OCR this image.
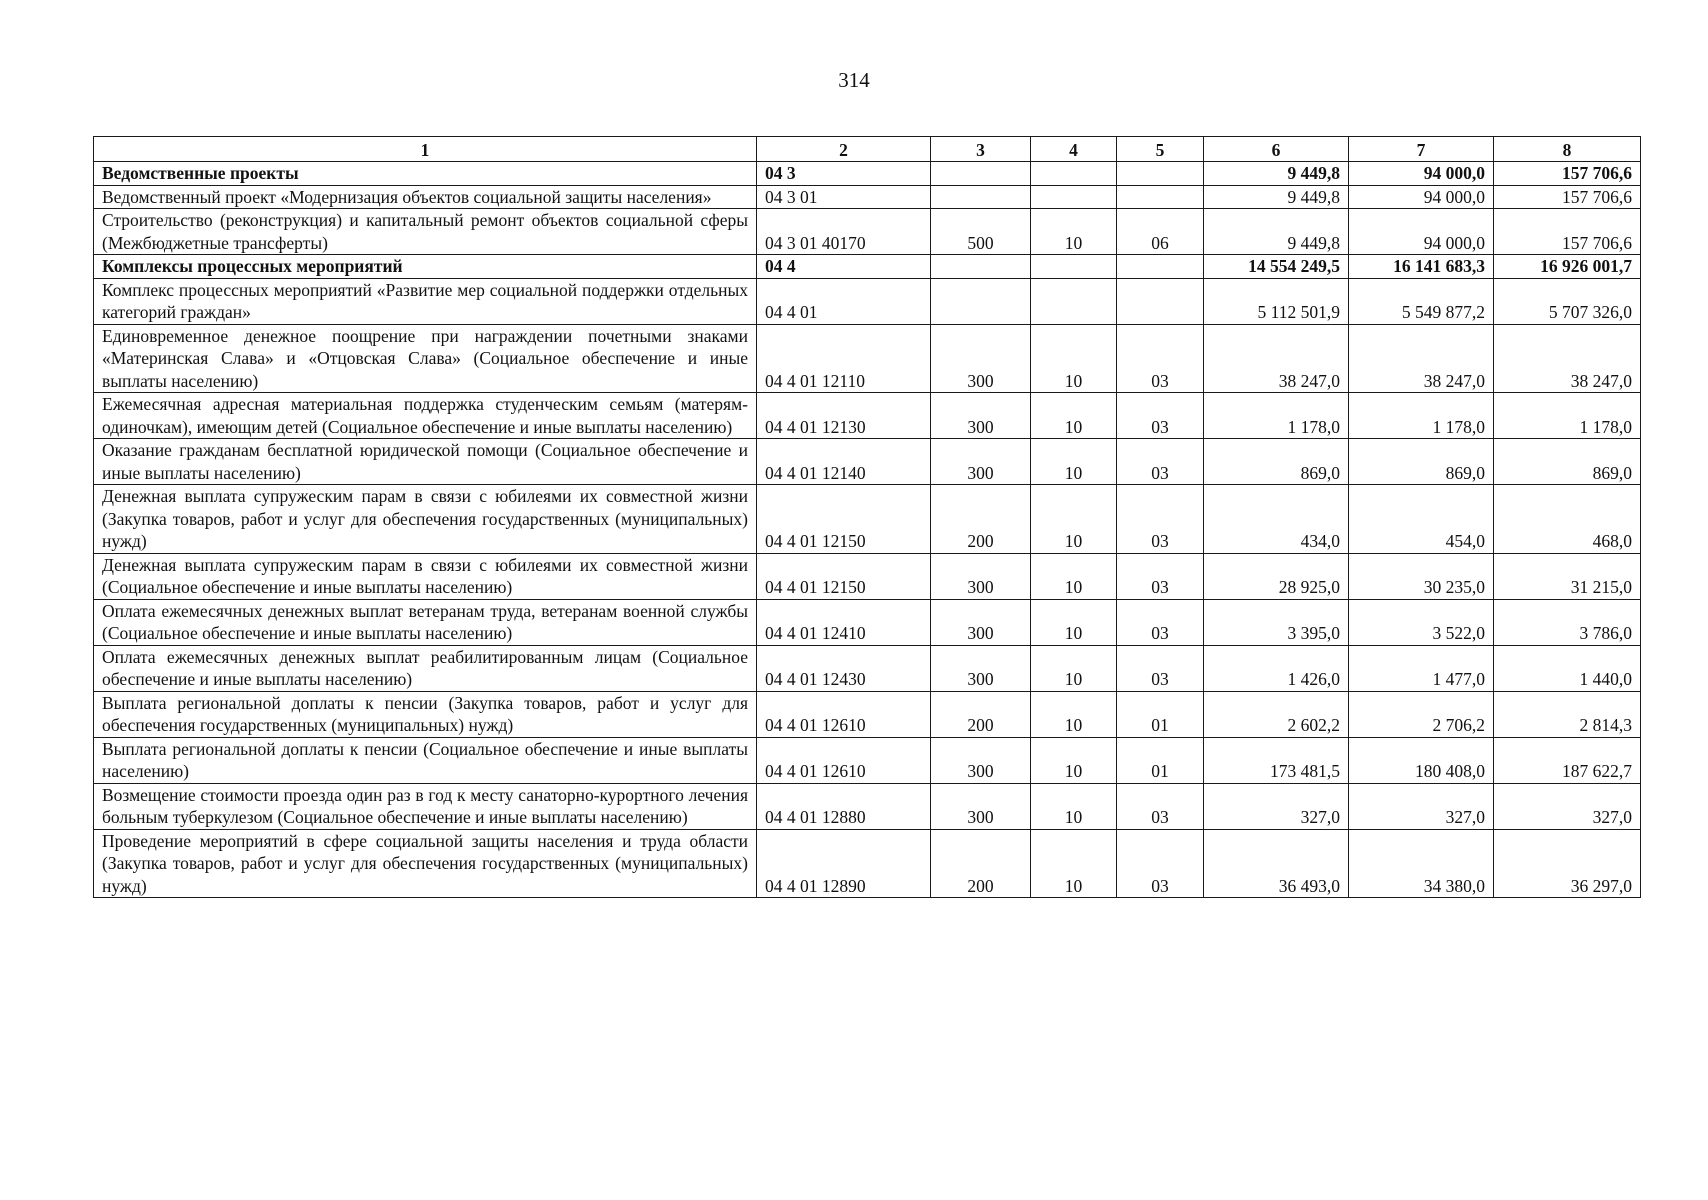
314
1	2	3	4	5	6	7	8
Ведомственные проекты	04 3				9 449,8	94 000,0	157 706,6
Ведомственный проект «Модернизация объектов социальной защиты населения»	04 3 01				9 449,8	94 000,0	157 706,6
Строительство (реконструкция) и капитальный ремонт объектов социальной сферы (Межбюджетные трансферты)	04 3 01 40170	500	10	06	9 449,8	94 000,0	157 706,6
Комплексы процессных мероприятий	04 4				14 554 249,5	16 141 683,3	16 926 001,7
Комплекс процессных мероприятий «Развитие мер социальной поддержки отдельных категорий граждан»	04 4 01				5 112 501,9	5 549 877,2	5 707 326,0
Единовременное денежное поощрение при награждении почетными знаками «Материнская Слава» и «Отцовская Слава» (Социальное обеспечение и иные выплаты населению)	04 4 01 12110	300	10	03	38 247,0	38 247,0	38 247,0
Ежемесячная адресная материальная поддержка студенческим семьям (матерям-одиночкам), имеющим детей (Социальное обеспечение и иные выплаты населению)	04 4 01 12130	300	10	03	1 178,0	1 178,0	1 178,0
Оказание гражданам бесплатной юридической помощи (Социальное обеспечение и иные выплаты населению)	04 4 01 12140	300	10	03	869,0	869,0	869,0
Денежная выплата супружеским парам в связи с юбилеями их совместной жизни (Закупка товаров, работ и услуг для обеспечения государственных (муниципальных) нужд)	04 4 01 12150	200	10	03	434,0	454,0	468,0
Денежная выплата супружеским парам в связи с юбилеями их совместной жизни (Социальное обеспечение и иные выплаты населению)	04 4 01 12150	300	10	03	28 925,0	30 235,0	31 215,0
Оплата ежемесячных денежных выплат ветеранам труда, ветеранам военной службы (Социальное обеспечение и иные выплаты населению)	04 4 01 12410	300	10	03	3 395,0	3 522,0	3 786,0
Оплата ежемесячных денежных выплат реабилитированным лицам (Социальное обеспечение и иные выплаты населению)	04 4 01 12430	300	10	03	1 426,0	1 477,0	1 440,0
Выплата региональной доплаты к пенсии (Закупка товаров, работ и услуг для обеспечения государственных (муниципальных) нужд)	04 4 01 12610	200	10	01	2 602,2	2 706,2	2 814,3
Выплата региональной доплаты к пенсии (Социальное обеспечение и иные выплаты населению)	04 4 01 12610	300	10	01	173 481,5	180 408,0	187 622,7
Возмещение стоимости проезда один раз в год к месту санаторно-курортного лечения больным туберкулезом (Социальное обеспечение и иные выплаты населению)	04 4 01 12880	300	10	03	327,0	327,0	327,0
Проведение мероприятий в сфере социальной защиты населения и труда области (Закупка товаров, работ и услуг для обеспечения государственных (муниципальных) нужд)	04 4 01 12890	200	10	03	36 493,0	34 380,0	36 297,0
